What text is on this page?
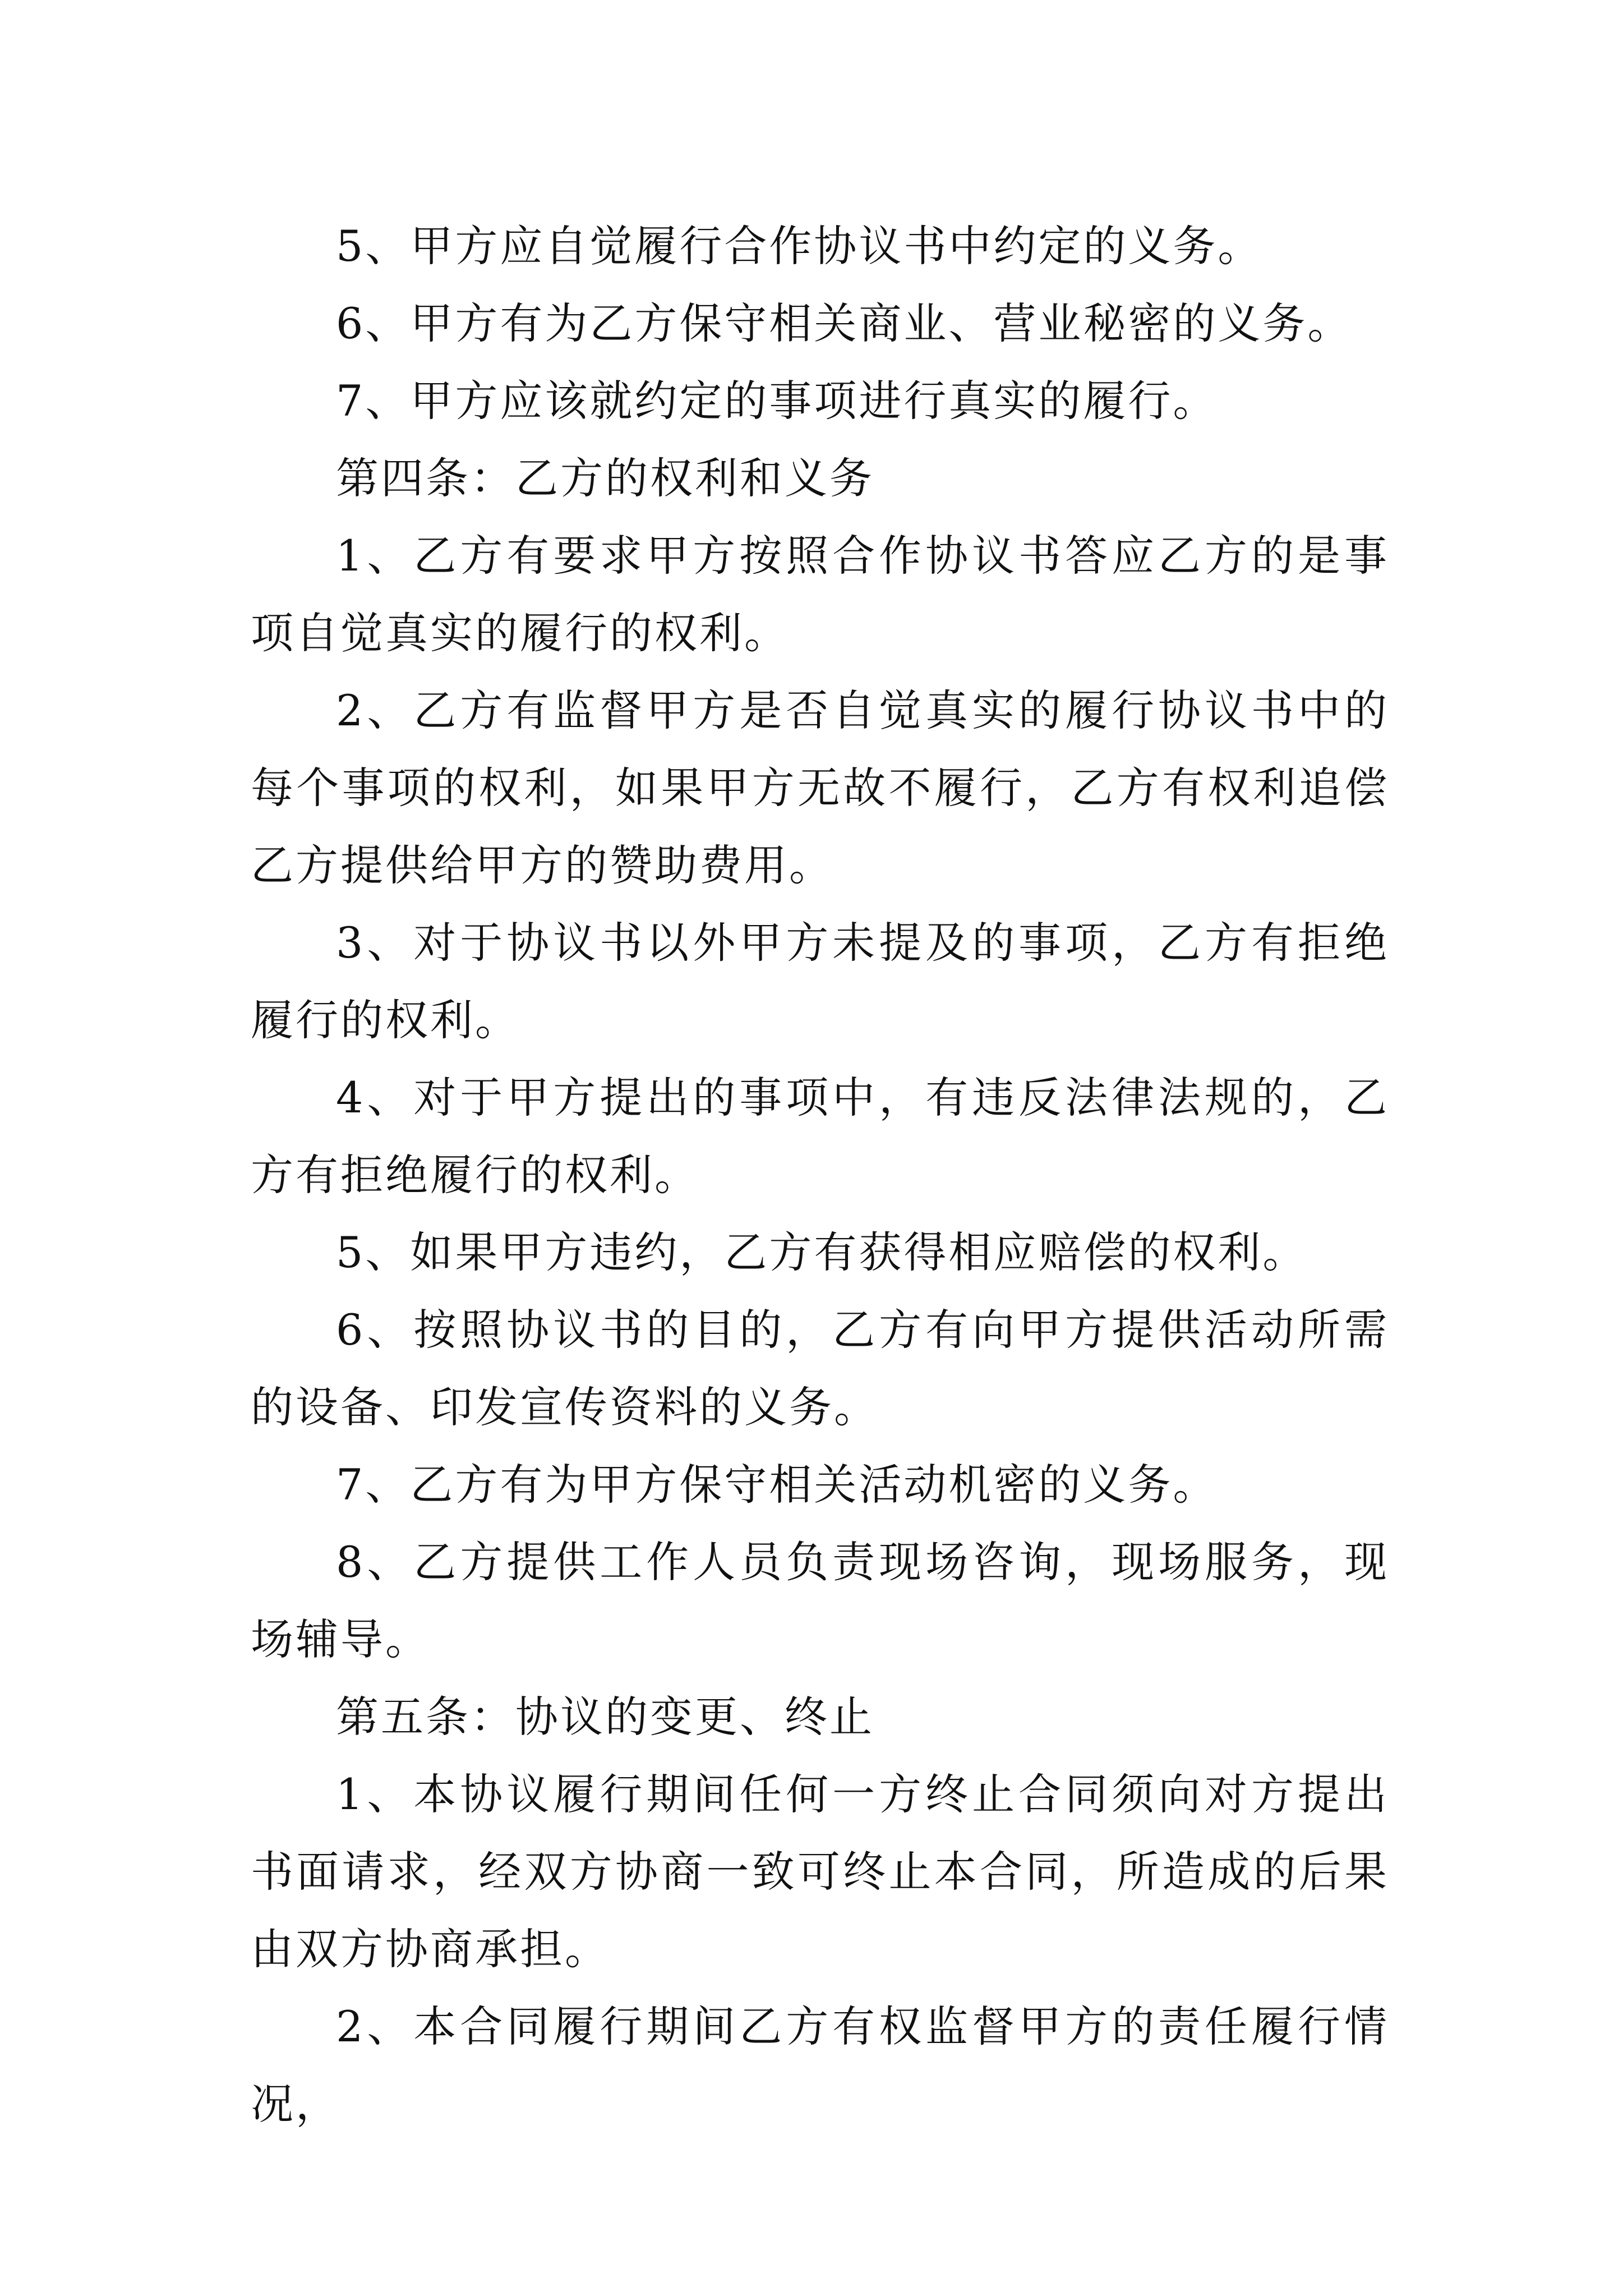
5、甲方应自觉履行合作协议书中约定的义务。

6、甲方有为乙方保守相关商业、营业秘密的义务。

7、甲方应该就约定的事项进行真实的履行。

第四条：乙方的权利和义务

1、乙方有要求甲方按照合作协议书答应乙方的是事项自觉真实的履行的权利。

2、乙方有监督甲方是否自觉真实的履行协议书中的每个事项的权利，如果甲方无故不履行，乙方有权利追偿乙方提供给甲方的赞助费用。

3、对于协议书以外甲方未提及的事项，乙方有拒绝履行的权利。

4、对于甲方提出的事项中，有违反法律法规的，乙方有拒绝履行的权利。

5、如果甲方违约，乙方有获得相应赔偿的权利。

6、按照协议书的目的，乙方有向甲方提供活动所需的设备、印发宣传资料的义务。

7、乙方有为甲方保守相关活动机密的义务。

8、乙方提供工作人员负责现场咨询，现场服务，现场辅导。

第五条：协议的变更、终止

1、本协议履行期间任何一方终止合同须向对方提出书面请求，经双方协商一致可终止本合同，所造成的后果由双方协商承担。

2、本合同履行期间乙方有权监督甲方的责任履行情况，
